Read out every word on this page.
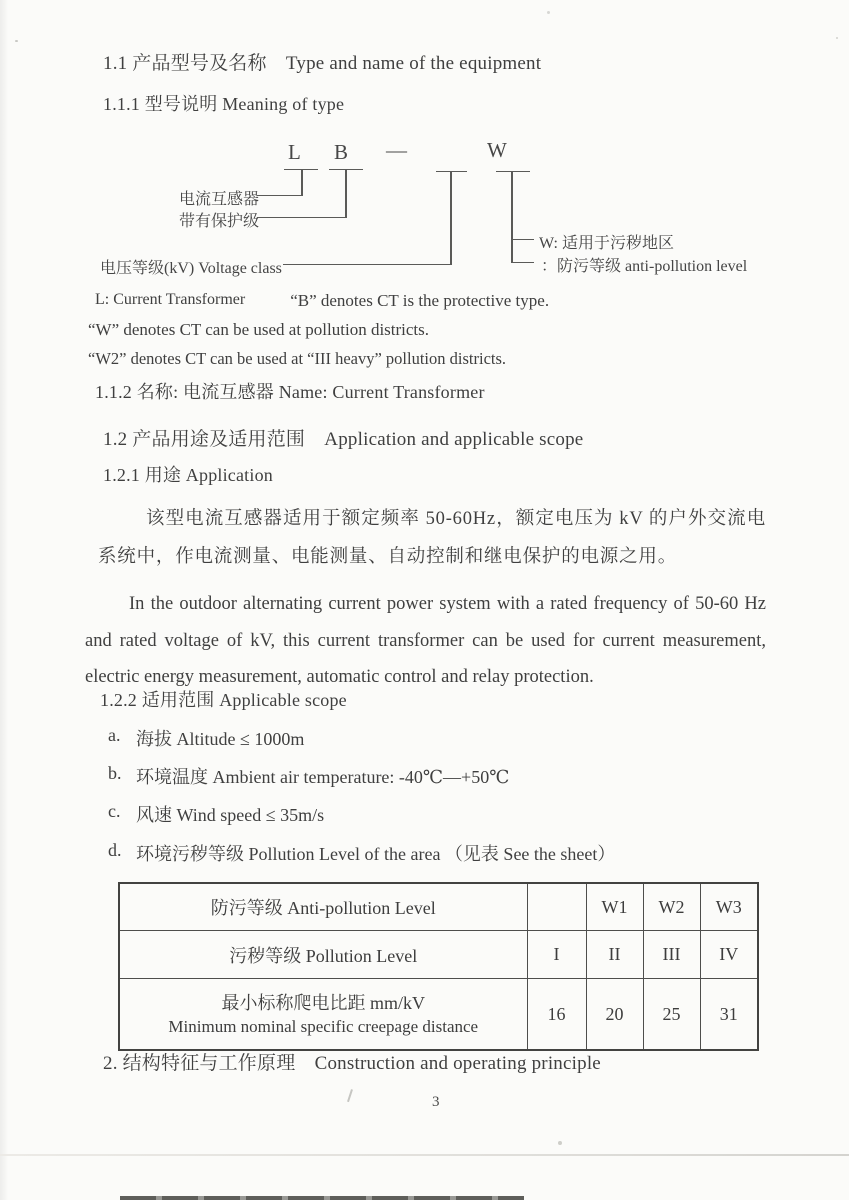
1.1 产品型号及名称　Type and name of the equipment
1.1.1 型号说明 Meaning of type
L B —	W
电流互感器
带有保护级
电压等级(kV) Voltage class
W: 适用于污秽地区
：防污等级 anti-pollution level
L: Current Transformer	“B” denotes CT is the protective type.
“W” denotes CT can be used at pollution districts.
“W2” denotes CT can be used at “III heavy” pollution districts.
1.1.2 名称: 电流互感器 Name: Current Transformer
1.2 产品用途及适用范围　Application and applicable scope
1.2.1 用途 Application
该型电流互感器适用于额定频率 50-60Hz，额定电压为 kV 的户外交流电系统中，作电流测量、电能测量、自动控制和继电保护的电源之用。
In the outdoor alternating current power system with a rated frequency of 50-60 Hz and rated voltage of kV, this current transformer can be used for current measurement, electric energy measurement, automatic control and relay protection.
1.2.2 适用范围 Applicable scope
a. 海拔 Altitude ≤ 1000m
b. 环境温度 Ambient air temperature: -40℃—+50℃
c. 风速 Wind speed ≤ 35m/s
d. 环境污秽等级 Pollution Level of the area （见表 See the sheet）
防污等级 Anti-pollution Level		W1	W2	W3
污秽等级 Pollution Level	I	II	III	IV

最小标称爬电比距 mm/kV
Minimum nominal specific creepage distance	16	20	25	31
2. 结构特征与工作原理　Construction and operating principle
3
